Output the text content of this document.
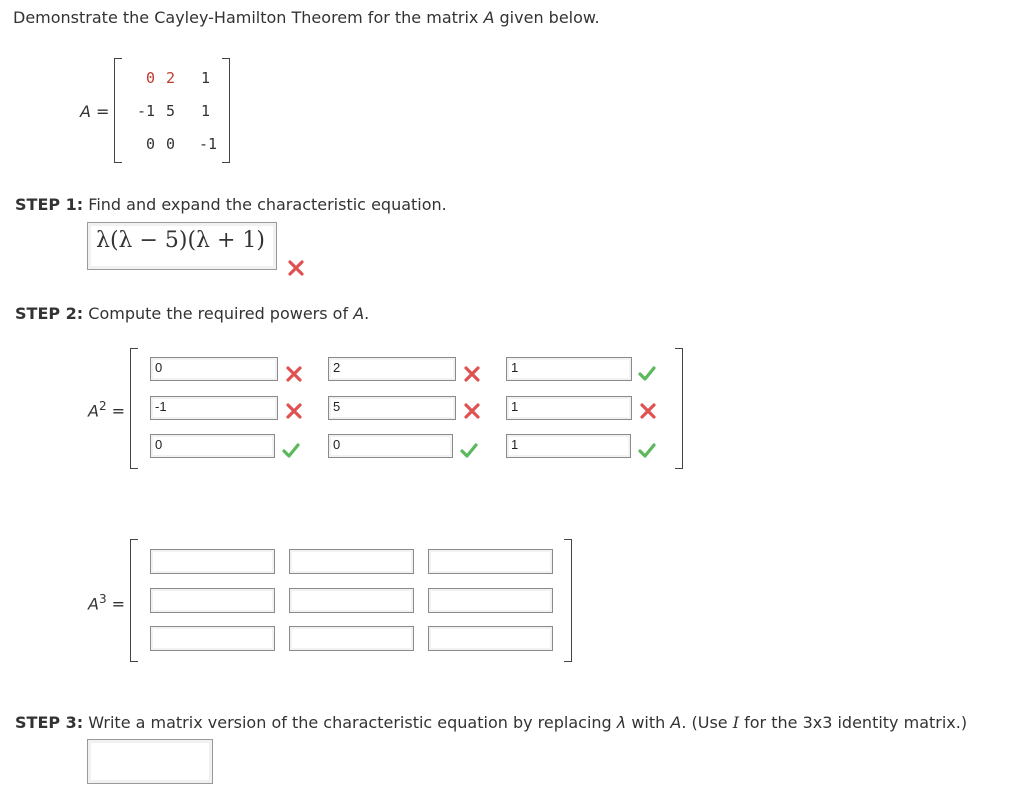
Demonstrate the Cayley-Hamilton Theorem for the matrix A given below.
A =
0 2	1
-1 5	1
0 0	-1
STEP 1: Find and expand the characteristic equation.
λ(λ − 5)(λ + 1)
STEP 2: Compute the required powers of A.
$A^2$ =
0	2	1
-1	5	1
0	0	1
$A^3$ =
STEP 3: Write a matrix version of the characteristic equation by replacing λ with A. (Use I for the 3x3 identity matrix.)
